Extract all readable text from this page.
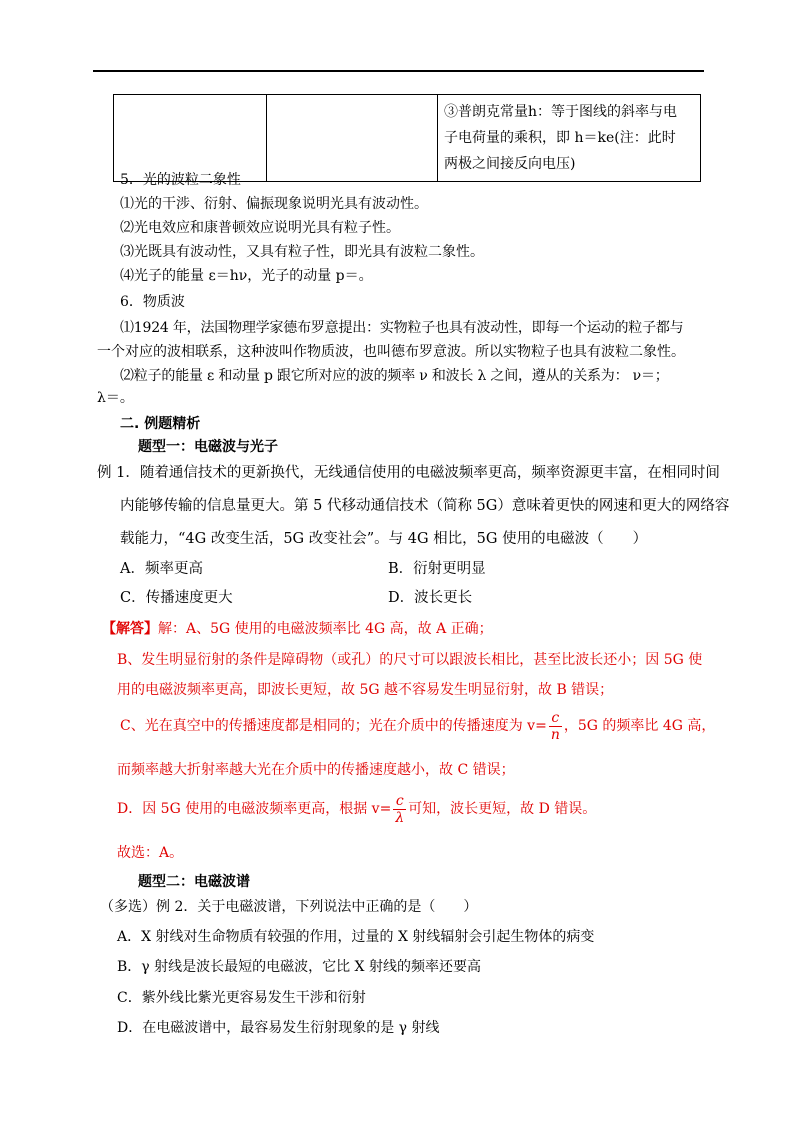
③普朗克常量h：等于图线的斜率与电
子电荷量的乘积，即 h＝ke(注：此时
两极之间接反向电压)
5．光的波粒二象性
⑴光的干涉、衍射、偏振现象说明光具有波动性。
⑵光电效应和康普顿效应说明光具有粒子性。
⑶光既具有波动性，又具有粒子性，即光具有波粒二象性。
⑷光子的能量 ε＝hν，光子的动量 p＝。
6．物质波
⑴1924 年，法国物理学家德布罗意提出：实物粒子也具有波动性，即每一个运动的粒子都与
一个对应的波相联系，这种波叫作物质波，也叫德布罗意波。所以实物粒子也具有波粒二象性。
⑵粒子的能量 ε 和动量 p 跟它所对应的波的频率 ν 和波长 λ 之间，遵从的关系为： ν＝；
λ＝。
二. 例题精析
题型一：电磁波与光子
例 1．随着通信技术的更新换代，无线通信使用的电磁波频率更高，频率资源更丰富，在相同时间
内能够传输的信息量更大。第 5 代移动通信技术（简称 5G）意味着更快的网速和更大的网络容
载能力，“4G 改变生活，5G 改变社会”。与 4G 相比，5G 使用的电磁波（　　）
A．频率更高	B．衍射更明显
C．传播速度更大	D．波长更长
【解答】解：A、5G 使用的电磁波频率比 4G 高，故 A 正确；
B、发生明显衍射的条件是障碍物（或孔）的尺寸可以跟波长相比，甚至比波长还小；因 5G 使
用的电磁波频率更高，即波长更短，故 5G 越不容易发生明显衍射，故 B 错误；
C、光在真空中的传播速度都是相同的；光在介质中的传播速度为 $v= \frac{c}{n}$ ，5G 的频率比 4G 高，
而频率越大折射率越大光在介质中的传播速度越小，故 C 错误；
D．因 5G 使用的电磁波频率更高，根据 $v= \frac{c}{\lambda}$ 可知，波长更短，故 D 错误。
故选：A。
题型二：电磁波谱
（多选）例 2．关于电磁波谱，下列说法中正确的是（　　）
A．X 射线对生命物质有较强的作用，过量的 X 射线辐射会引起生物体的病变
B．γ 射线是波长最短的电磁波，它比 X 射线的频率还要高
C．紫外线比紫光更容易发生干涉和衍射
D．在电磁波谱中，最容易发生衍射现象的是 γ 射线
